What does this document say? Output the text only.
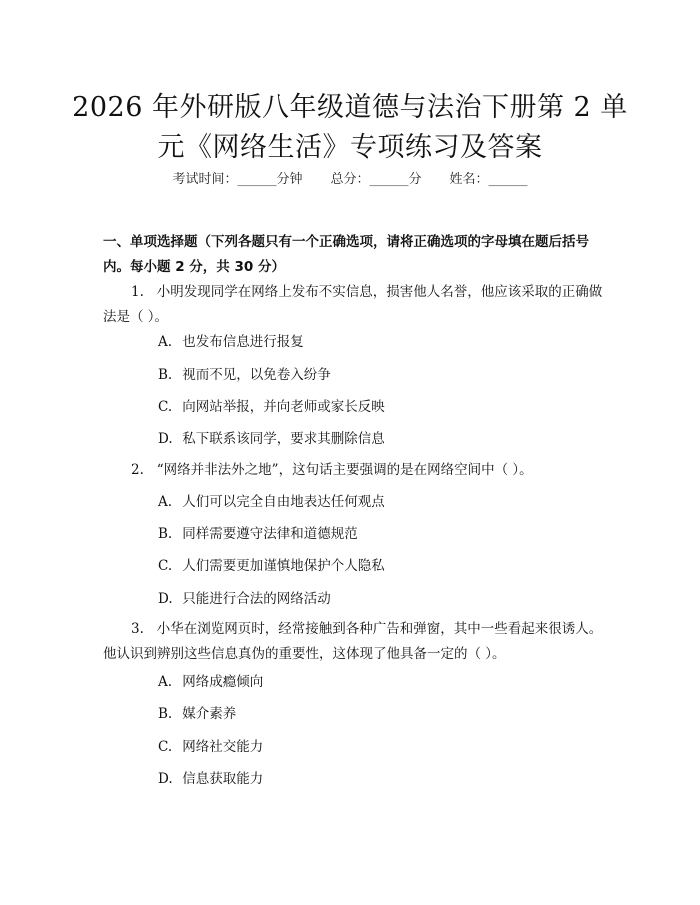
2026 年外研版八年级道德与法治下册第 2 单
元《网络生活》专项练习及答案
考试时间：______分钟 总分：______分 姓名：______
一、单项选择题（下列各题只有一个正确选项，请将正确选项的字母填在题后括号内。每小题 2 分，共 30 分）
1. 小明发现同学在网络上发布不实信息，损害他人名誉，他应该采取的正确做法是（ ）。
A. 也发布信息进行报复
B. 视而不见，以免卷入纷争
C. 向网站举报，并向老师或家长反映
D. 私下联系该同学，要求其删除信息
2. “网络并非法外之地”，这句话主要强调的是在网络空间中（ ）。
A. 人们可以完全自由地表达任何观点
B. 同样需要遵守法律和道德规范
C. 人们需要更加谨慎地保护个人隐私
D. 只能进行合法的网络活动
3. 小华在浏览网页时，经常接触到各种广告和弹窗，其中一些看起来很诱人。他认识到辨别这些信息真伪的重要性，这体现了他具备一定的（ ）。
A. 网络成瘾倾向
B. 媒介素养
C. 网络社交能力
D. 信息获取能力
